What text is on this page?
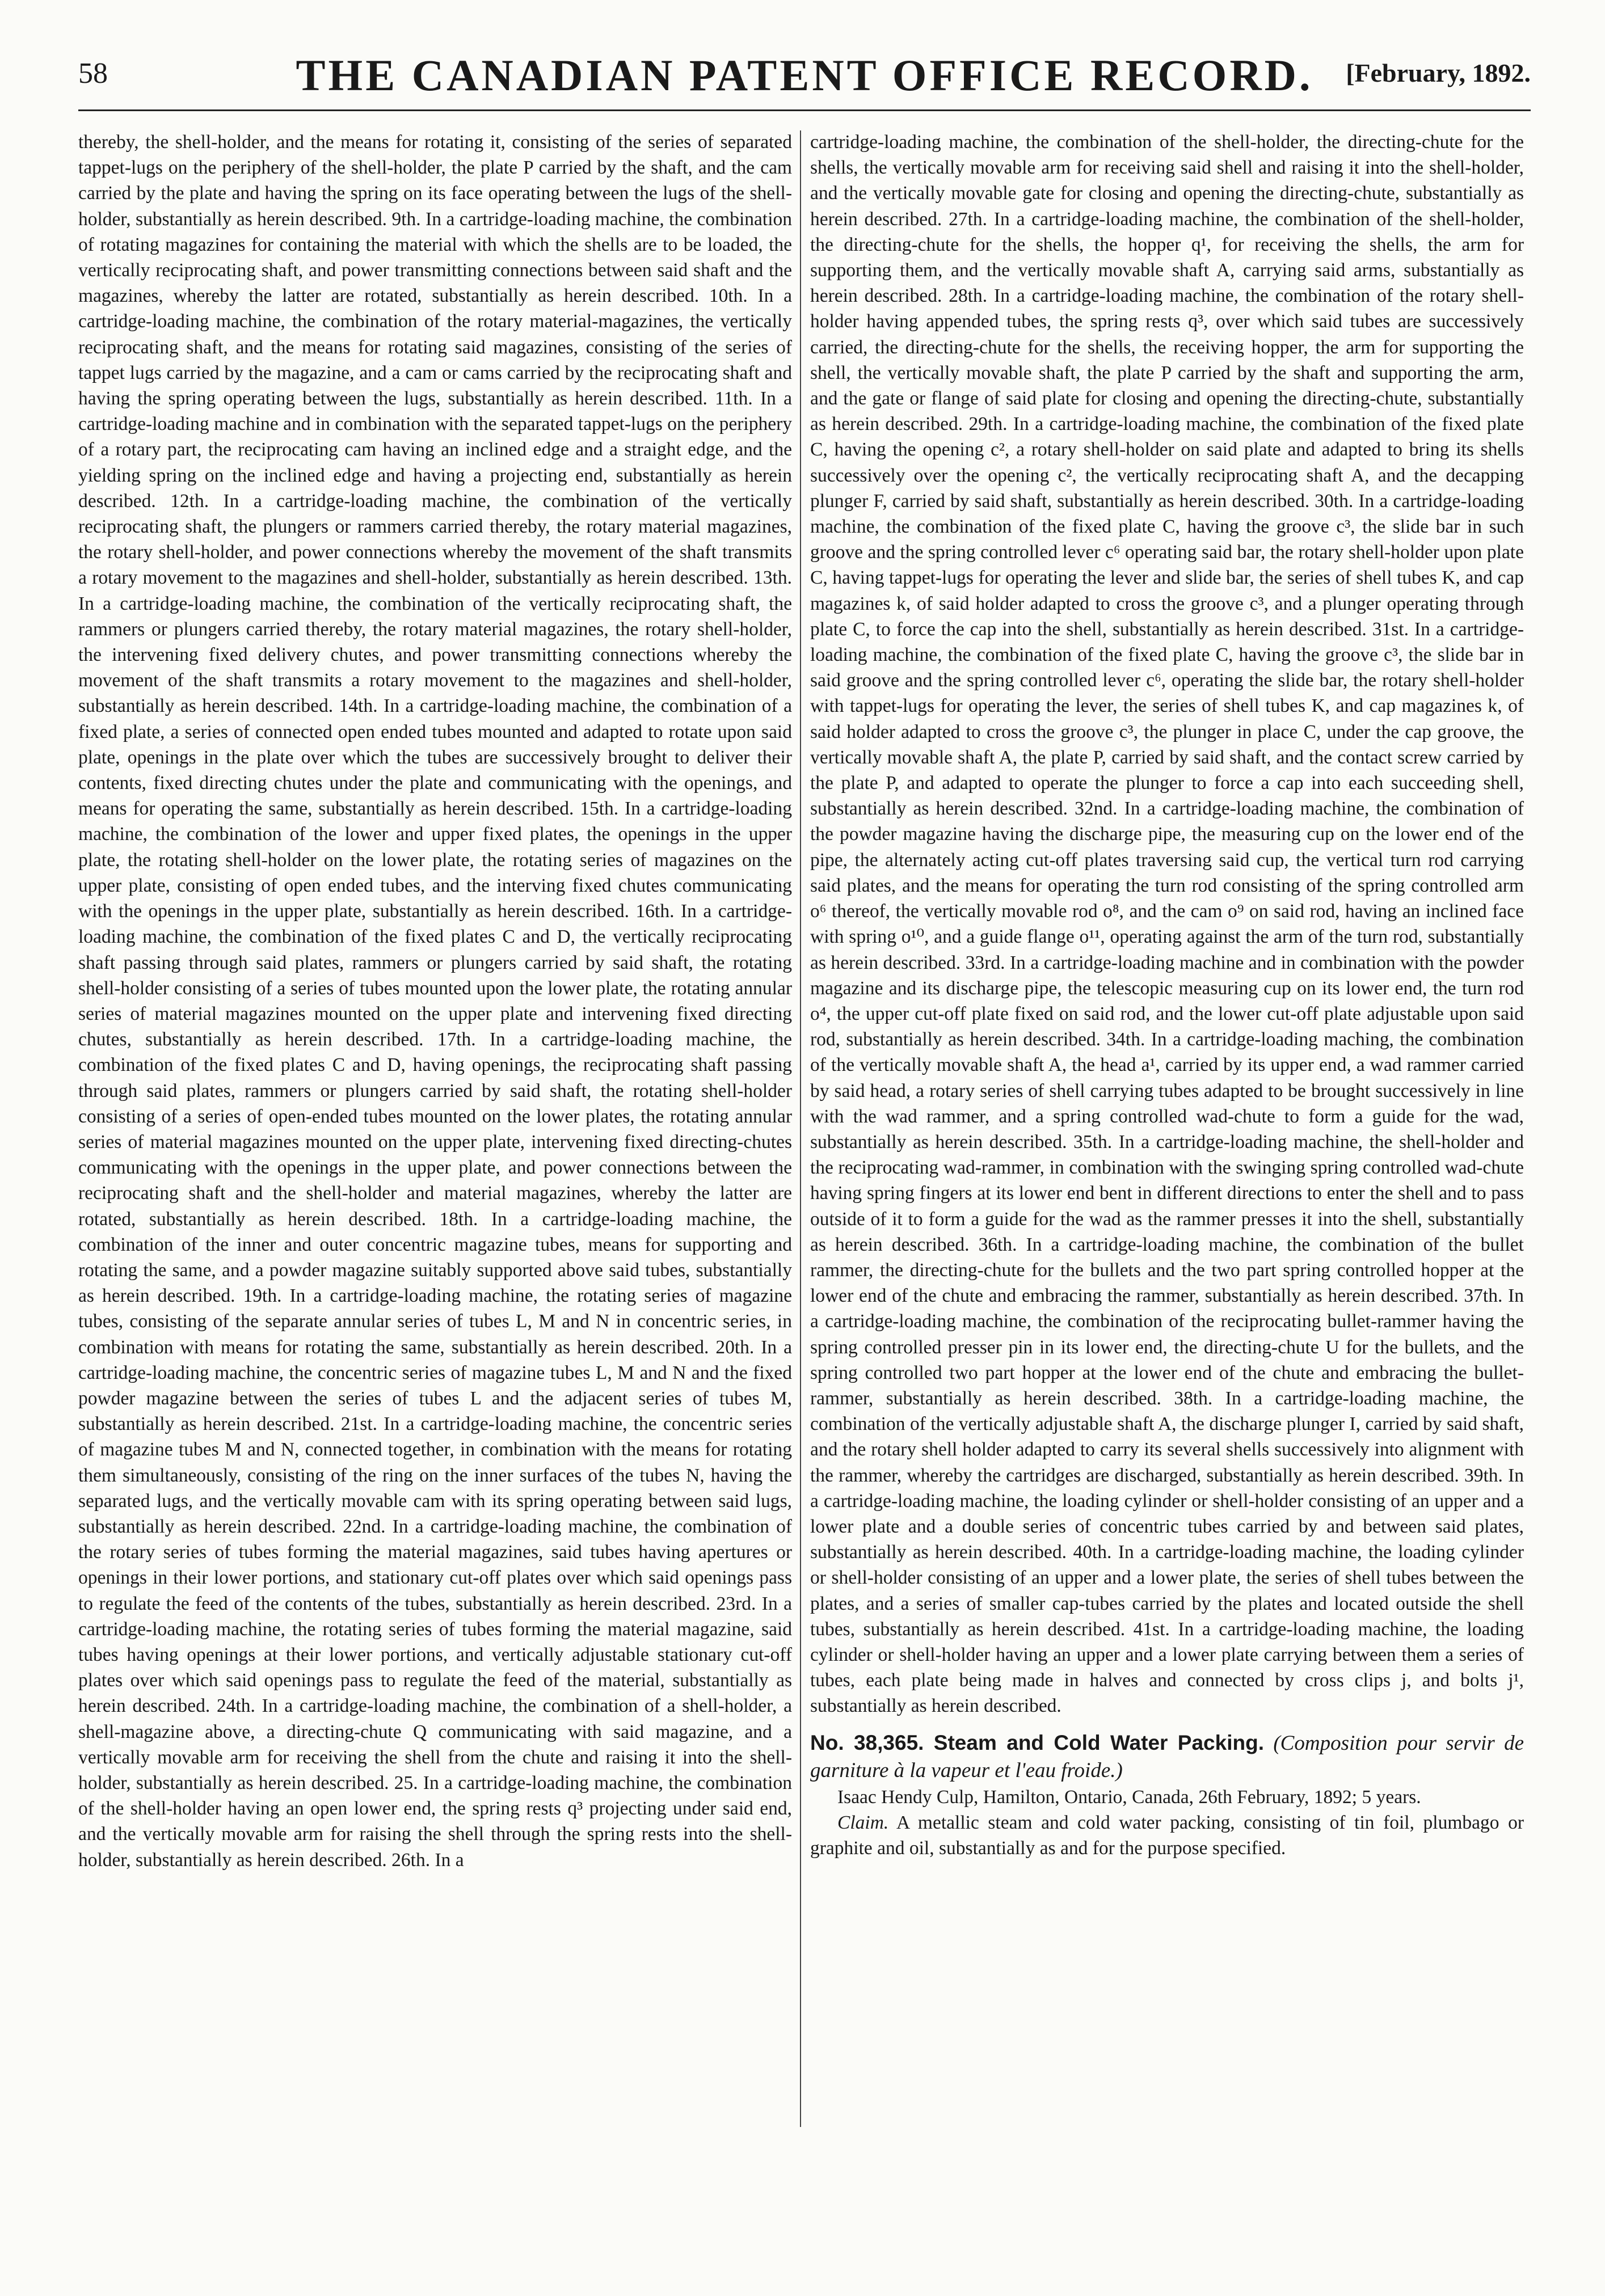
58	THE CANADIAN PATENT OFFICE RECORD.	[February, 1892.

thereby, the shell-holder, and the means for rotating it, consisting of the series of separated tappet-lugs on the periphery of the shell-holder, the plate P carried by the shaft, and the cam carried by the plate and having the spring on its face operating between the lugs of the shell-holder, substantially as herein described. 9th. In a cartridge-loading machine, the combination of rotating magazines for containing the material with which the shells are to be loaded, the vertically reciprocating shaft, and power transmitting connections between said shaft and the magazines, whereby the latter are rotated, substantially as herein described. 10th. In a cartridge-loading machine, the combination of the rotary material-magazines, the vertically reciprocating shaft, and the means for rotating said magazines, consisting of the series of tappet lugs carried by the magazine, and a cam or cams carried by the reciprocating shaft and having the spring operating between the lugs, substantially as herein described. 11th. In a cartridge-loading machine and in combination with the separated tappet-lugs on the periphery of a rotary part, the reciprocating cam having an inclined edge and a straight edge, and the yielding spring on the inclined edge and having a projecting end, substantially as herein described. 12th. In a cartridge-loading machine, the combination of the vertically reciprocating shaft, the plungers or rammers carried thereby, the rotary material magazines, the rotary shell-holder, and power connections whereby the movement of the shaft transmits a rotary movement to the magazines and shell-holder, substantially as herein described. 13th. In a cartridge-loading machine, the combination of the vertically reciprocating shaft, the rammers or plungers carried thereby, the rotary material magazines, the rotary shell-holder, the intervening fixed delivery chutes, and power transmitting connections whereby the movement of the shaft transmits a rotary movement to the magazines and shell-holder, substantially as herein described. 14th. In a cartridge-loading machine, the combination of a fixed plate, a series of connected open ended tubes mounted and adapted to rotate upon said plate, openings in the plate over which the tubes are successively brought to deliver their contents, fixed directing chutes under the plate and communicating with the openings, and means for operating the same, substantially as herein described. 15th. In a cartridge-loading machine, the combination of the lower and upper fixed plates, the openings in the upper plate, the rotating shell-holder on the lower plate, the rotating series of magazines on the upper plate, consisting of open ended tubes, and the interving fixed chutes communicating with the openings in the upper plate, substantially as herein described. 16th. In a cartridge-loading machine, the combination of the fixed plates C and D, the vertically reciprocating shaft passing through said plates, rammers or plungers carried by said shaft, the rotating shell-holder consisting of a series of tubes mounted upon the lower plate, the rotating annular series of material magazines mounted on the upper plate and intervening fixed directing chutes, substantially as herein described. 17th. In a cartridge-loading machine, the combination of the fixed plates C and D, having openings, the reciprocating shaft passing through said plates, rammers or plungers carried by said shaft, the rotating shell-holder consisting of a series of open-ended tubes mounted on the lower plates, the rotating annular series of material magazines mounted on the upper plate, intervening fixed directing-chutes communicating with the openings in the upper plate, and power connections between the reciprocating shaft and the shell-holder and material magazines, whereby the latter are rotated, substantially as herein described. 18th. In a cartridge-loading machine, the combination of the inner and outer concentric magazine tubes, means for supporting and rotating the same, and a powder magazine suitably supported above said tubes, substantially as herein described. 19th. In a cartridge-loading machine, the rotating series of magazine tubes, consisting of the separate annular series of tubes L, M and N in concentric series, in combination with means for rotating the same, substantially as herein described. 20th. In a cartridge-loading machine, the concentric series of magazine tubes L, M and N and the fixed powder magazine between the series of tubes L and the adjacent series of tubes M, substantially as herein described. 21st. In a cartridge-loading machine, the concentric series of magazine tubes M and N, connected together, in combination with the means for rotating them simultaneously, consisting of the ring on the inner surfaces of the tubes N, having the separated lugs, and the vertically movable cam with its spring operating between said lugs, substantially as herein described. 22nd. In a cartridge-loading machine, the combination of the rotary series of tubes forming the material magazines, said tubes having apertures or openings in their lower portions, and stationary cut-off plates over which said openings pass to regulate the feed of the contents of the tubes, substantially as herein described. 23rd. In a cartridge-loading machine, the rotating series of tubes forming the material magazine, said tubes having openings at their lower portions, and vertically adjustable stationary cut-off plates over which said openings pass to regulate the feed of the material, substantially as herein described. 24th. In a cartridge-loading machine, the combination of a shell-holder, a shell-magazine above, a directing-chute Q communicating with said magazine, and a vertically movable arm for receiving the shell from the chute and raising it into the shell-holder, substantially as herein described. 25. In a cartridge-loading machine, the combination of the shell-holder having an open lower end, the spring rests q³ projecting under said end, and the vertically movable arm for raising the shell through the spring rests into the shell-holder, substantially as herein described. 26th. In a

cartridge-loading machine, the combination of the shell-holder, the directing-chute for the shells, the vertically movable arm for receiving said shell and raising it into the shell-holder, and the vertically movable gate for closing and opening the directing-chute, substantially as herein described. 27th. In a cartridge-loading machine, the combination of the shell-holder, the directing-chute for the shells, the hopper q¹, for receiving the shells, the arm for supporting them, and the vertically movable shaft A, carrying said arms, substantially as herein described. 28th. In a cartridge-loading machine, the combination of the rotary shell-holder having appended tubes, the spring rests q³, over which said tubes are successively carried, the directing-chute for the shells, the receiving hopper, the arm for supporting the shell, the vertically movable shaft, the plate P carried by the shaft and supporting the arm, and the gate or flange of said plate for closing and opening the directing-chute, substantially as herein described. 29th. In a cartridge-loading machine, the combination of the fixed plate C, having the opening c², a rotary shell-holder on said plate and adapted to bring its shells successively over the opening c², the vertically reciprocating shaft A, and the decapping plunger F, carried by said shaft, substantially as herein described. 30th. In a cartridge-loading machine, the combination of the fixed plate C, having the groove c³, the slide bar in such groove and the spring controlled lever c⁶ operating said bar, the rotary shell-holder upon plate C, having tappet-lugs for operating the lever and slide bar, the series of shell tubes K, and cap magazines k, of said holder adapted to cross the groove c³, and a plunger operating through plate C, to force the cap into the shell, substantially as herein described. 31st. In a cartridge-loading machine, the combination of the fixed plate C, having the groove c³, the slide bar in said groove and the spring controlled lever c⁶, operating the slide bar, the rotary shell-holder with tappet-lugs for operating the lever, the series of shell tubes K, and cap magazines k, of said holder adapted to cross the groove c³, the plunger in place C, under the cap groove, the vertically movable shaft A, the plate P, carried by said shaft, and the contact screw carried by the plate P, and adapted to operate the plunger to force a cap into each succeeding shell, substantially as herein described. 32nd. In a cartridge-loading machine, the combination of the powder magazine having the discharge pipe, the measuring cup on the lower end of the pipe, the alternately acting cut-off plates traversing said cup, the vertical turn rod carrying said plates, and the means for operating the turn rod consisting of the spring controlled arm o⁶ thereof, the vertically movable rod o⁸, and the cam o⁹ on said rod, having an inclined face with spring o¹⁰, and a guide flange o¹¹, operating against the arm of the turn rod, substantially as herein described. 33rd. In a cartridge-loading machine and in combination with the powder magazine and its discharge pipe, the telescopic measuring cup on its lower end, the turn rod o⁴, the upper cut-off plate fixed on said rod, and the lower cut-off plate adjustable upon said rod, substantially as herein described. 34th. In a cartridge-loading maching, the combination of the vertically movable shaft A, the head a¹, carried by its upper end, a wad rammer carried by said head, a rotary series of shell carrying tubes adapted to be brought successively in line with the wad rammer, and a spring controlled wad-chute to form a guide for the wad, substantially as herein described. 35th. In a cartridge-loading machine, the shell-holder and the reciprocating wad-rammer, in combination with the swinging spring controlled wad-chute having spring fingers at its lower end bent in different directions to enter the shell and to pass outside of it to form a guide for the wad as the rammer presses it into the shell, substantially as herein described. 36th. In a cartridge-loading machine, the combination of the bullet rammer, the directing-chute for the bullets and the two part spring controlled hopper at the lower end of the chute and embracing the rammer, substantially as herein described. 37th. In a cartridge-loading machine, the combination of the reciprocating bullet-rammer having the spring controlled presser pin in its lower end, the directing-chute U for the bullets, and the spring controlled two part hopper at the lower end of the chute and embracing the bullet-rammer, substantially as herein described. 38th. In a cartridge-loading machine, the combination of the vertically adjustable shaft A, the discharge plunger I, carried by said shaft, and the rotary shell holder adapted to carry its several shells successively into alignment with the rammer, whereby the cartridges are discharged, substantially as herein described. 39th. In a cartridge-loading machine, the loading cylinder or shell-holder consisting of an upper and a lower plate and a double series of concentric tubes carried by and between said plates, substantially as herein described. 40th. In a cartridge-loading machine, the loading cylinder or shell-holder consisting of an upper and a lower plate, the series of shell tubes between the plates, and a series of smaller cap-tubes carried by the plates and located outside the shell tubes, substantially as herein described. 41st. In a cartridge-loading machine, the loading cylinder or shell-holder having an upper and a lower plate carrying between them a series of tubes, each plate being made in halves and connected by cross clips j, and bolts j¹, substantially as herein described.

No. 38,365. Steam and Cold Water Packing. (Composition pour servir de garniture à la vapeur et l'eau froide.)

Isaac Hendy Culp, Hamilton, Ontario, Canada, 26th February, 1892; 5 years.

Claim. A metallic steam and cold water packing, consisting of tin foil, plumbago or graphite and oil, substantially as and for the purpose specified.
